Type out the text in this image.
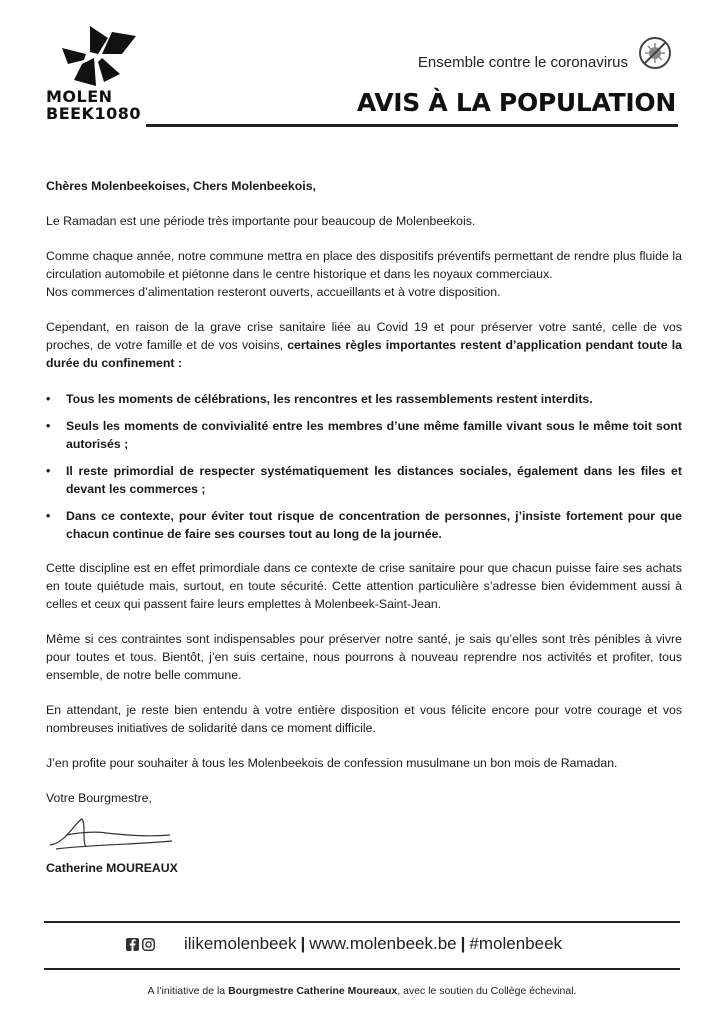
MOLEN
BEEK1080
Ensemble contre le coronavirus
AVIS À LA POPULATION

Chères Molenbeekoises, Chers Molenbeekois,

Le Ramadan est une période très importante pour beaucoup de Molenbeekois.

Comme chaque année, notre commune mettra en place des dispositifs préventifs permettant de rendre plus fluide la circulation automobile et piétonne dans le centre historique et dans les noyaux commerciaux.
Nos commerces d’alimentation resteront ouverts, accueillants et à votre disposition.

Cependant, en raison de la grave crise sanitaire liée au Covid 19 et pour préserver votre santé, celle de vos proches, de votre famille et de vos voisins, certaines règles importantes restent d’application pendant toute la durée du confinement :

• Tous les moments de célébrations, les rencontres et les rassemblements restent interdits.
• Seuls les moments de convivialité entre les membres d’une même famille vivant sous le même toit sont autorisés ;
• Il reste primordial de respecter systématiquement les distances sociales, également dans les files et devant les commerces ;
• Dans ce contexte, pour éviter tout risque de concentration de personnes, j’insiste fortement pour que chacun continue de faire ses courses tout au long de la journée.

Cette discipline est en effet primordiale dans ce contexte de crise sanitaire pour que chacun puisse faire ses achats en toute quiétude mais, surtout, en toute sécurité. Cette attention particulière s’adresse bien évidemment aussi à celles et ceux qui passent faire leurs emplettes à Molenbeek-Saint-Jean.

Même si ces contraintes sont indispensables pour préserver notre santé, je sais qu’elles sont très pénibles à vivre pour toutes et tous. Bientôt, j’en suis certaine, nous pourrons à nouveau reprendre nos activités et profiter, tous ensemble, de notre belle commune.

En attendant, je reste bien entendu à votre entière disposition et vous félicite encore pour votre courage et vos nombreuses initiatives de solidarité dans ce moment difficile.

J’en profite pour souhaiter à tous les Molenbeekois de confession musulmane un bon mois de Ramadan.

Votre Bourgmestre,

Catherine MOUREAUX
ilikemolenbeek | www.molenbeek.be | #molenbeek
A l’initiative de la Bourgmestre Catherine Moureaux, avec le soutien du Collège échevinal.
